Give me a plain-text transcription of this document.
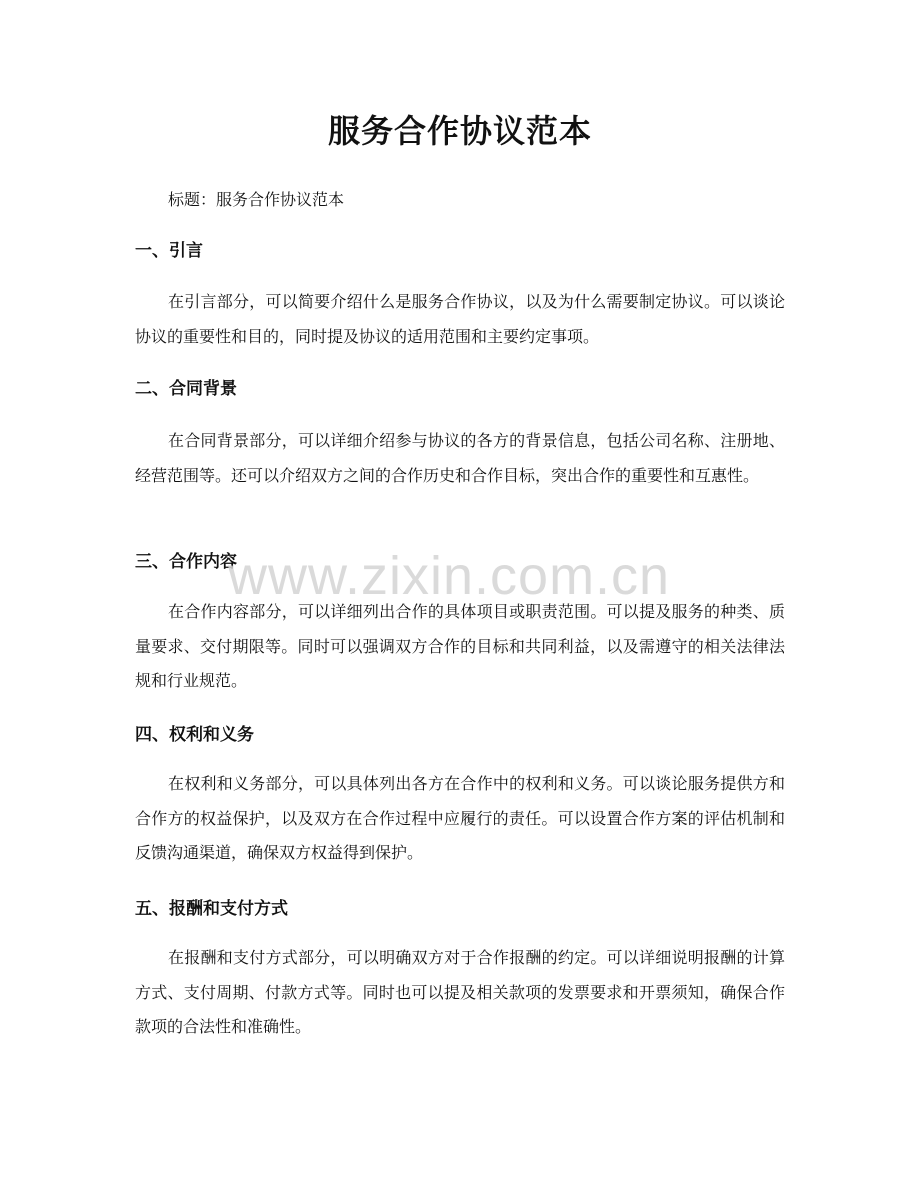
服务合作协议范本
标题：服务合作协议范本
一、引言

在引言部分，可以简要介绍什么是服务合作协议，以及为什么需要制定协议。可以谈论协议的重要性和目的，同时提及协议的适用范围和主要约定事项。

二、合同背景

在合同背景部分，可以详细介绍参与协议的各方的背景信息，包括公司名称、注册地、经营范围等。还可以介绍双方之间的合作历史和合作目标，突出合作的重要性和互惠性。

三、合作内容

在合作内容部分，可以详细列出合作的具体项目或职责范围。可以提及服务的种类、质量要求、交付期限等。同时可以强调双方合作的目标和共同利益，以及需遵守的相关法律法规和行业规范。

四、权利和义务

在权利和义务部分，可以具体列出各方在合作中的权利和义务。可以谈论服务提供方和合作方的权益保护，以及双方在合作过程中应履行的责任。可以设置合作方案的评估机制和反馈沟通渠道，确保双方权益得到保护。

五、报酬和支付方式

在报酬和支付方式部分，可以明确双方对于合作报酬的约定。可以详细说明报酬的计算方式、支付周期、付款方式等。同时也可以提及相关款项的发票要求和开票须知，确保合作款项的合法性和准确性。

www.zixin.com.cn
